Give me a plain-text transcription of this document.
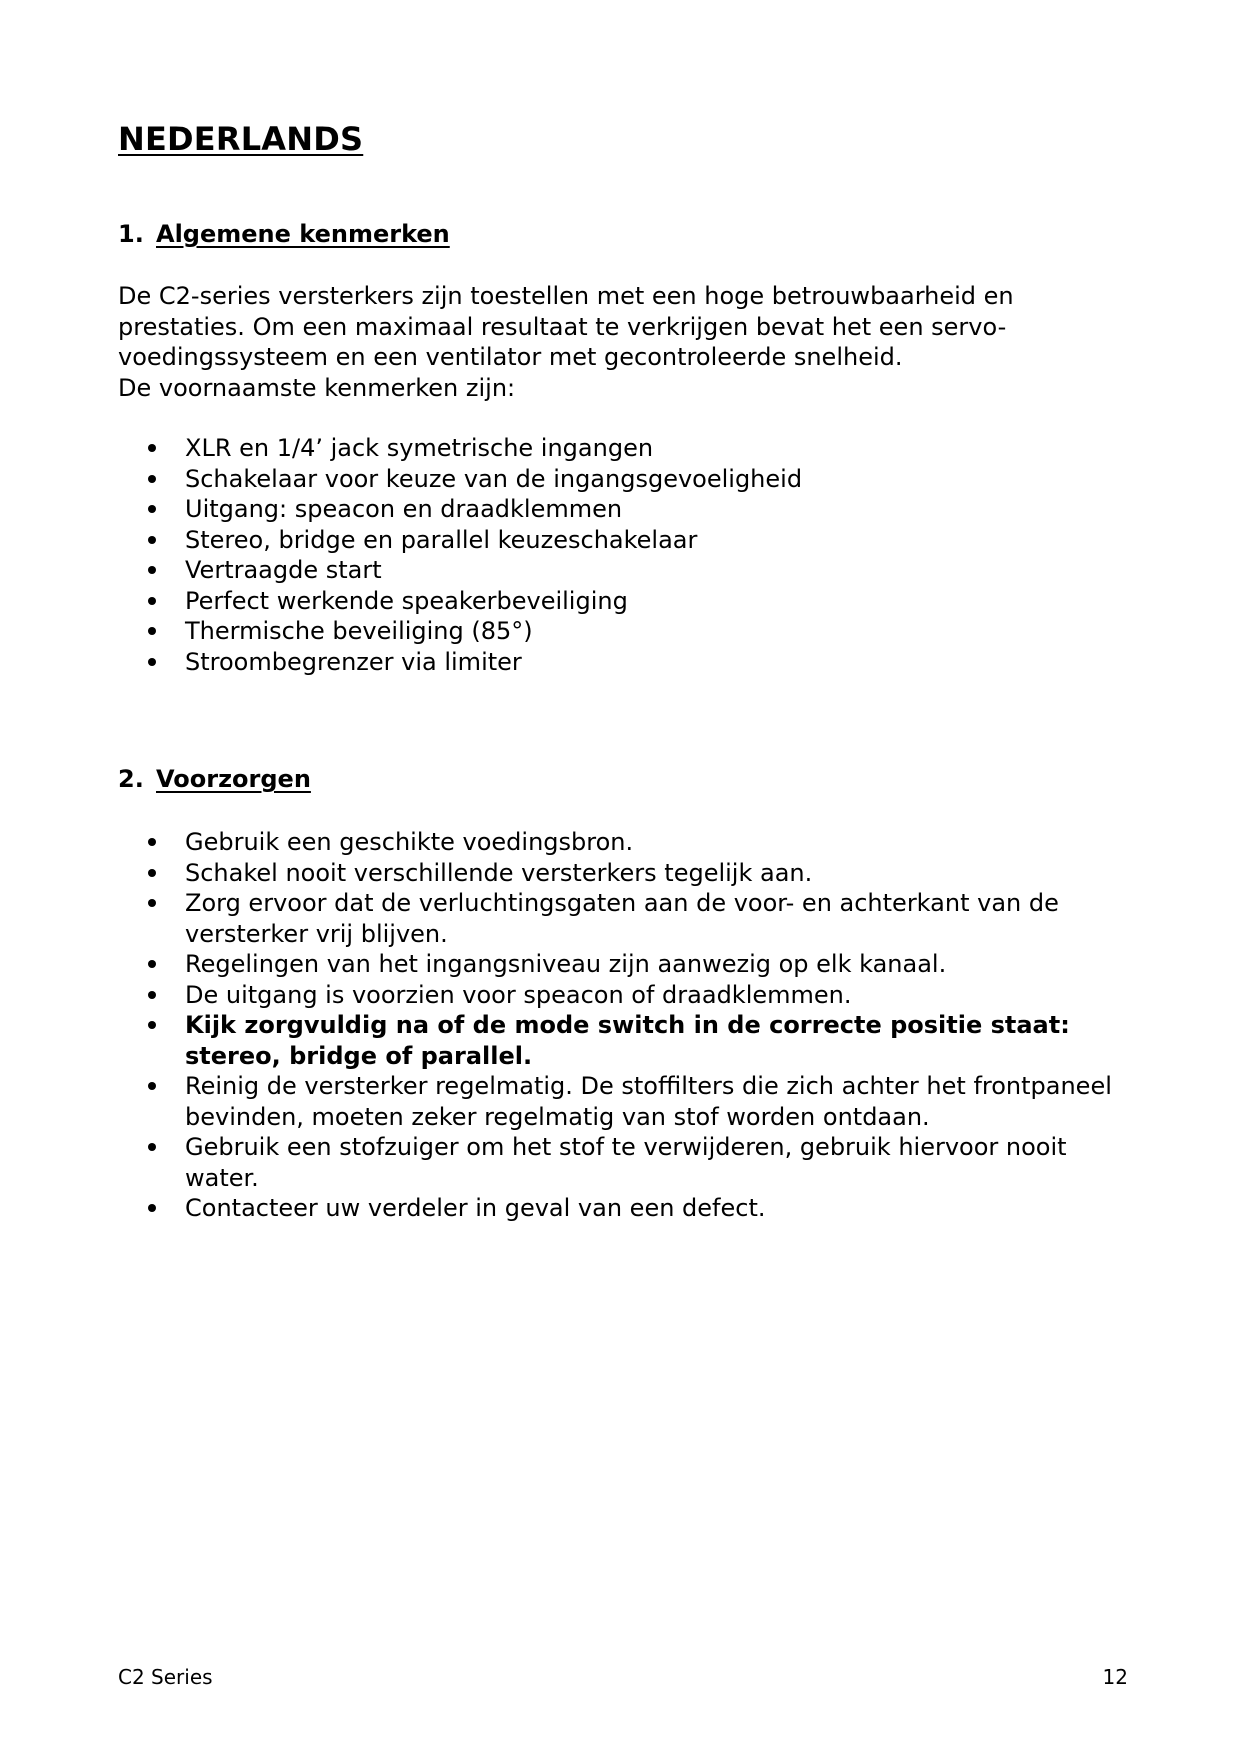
NEDERLANDS
1. Algemene kenmerken

De C2-series versterkers zijn toestellen met een hoge betrouwbaarheid en prestaties. Om een maximaal resultaat te verkrijgen bevat het een servo-voedingssysteem en een ventilator met gecontroleerde snelheid.

De voornaamste kenmerken zijn:

XLR en 1/4’ jack symetrische ingangen
Schakelaar voor keuze van de ingangsgevoeligheid
Uitgang: speacon en draadklemmen
Stereo, bridge en parallel keuzeschakelaar
Vertraagde start
Perfect werkende speakerbeveiliging
Thermische beveiliging (85°)
Stroombegrenzer via limiter
2. Voorzorgen
Gebruik een geschikte voedingsbron.
Schakel nooit verschillende versterkers tegelijk aan.
Zorg ervoor dat de verluchtingsgaten aan de voor- en achterkant van de versterker vrij blijven.
Regelingen van het ingangsniveau zijn aanwezig op elk kanaal.
De uitgang is voorzien voor speacon of draadklemmen.
Kijk zorgvuldig na of de mode switch in de correcte positie staat: stereo, bridge of parallel.
Reinig de versterker regelmatig. De stoffilters die zich achter het frontpaneel bevinden, moeten zeker regelmatig van stof worden ontdaan.
Gebruik een stofzuiger om het stof te verwijderen, gebruik hiervoor nooit water.
Contacteer uw verdeler in geval van een defect.
C2 Series	12
